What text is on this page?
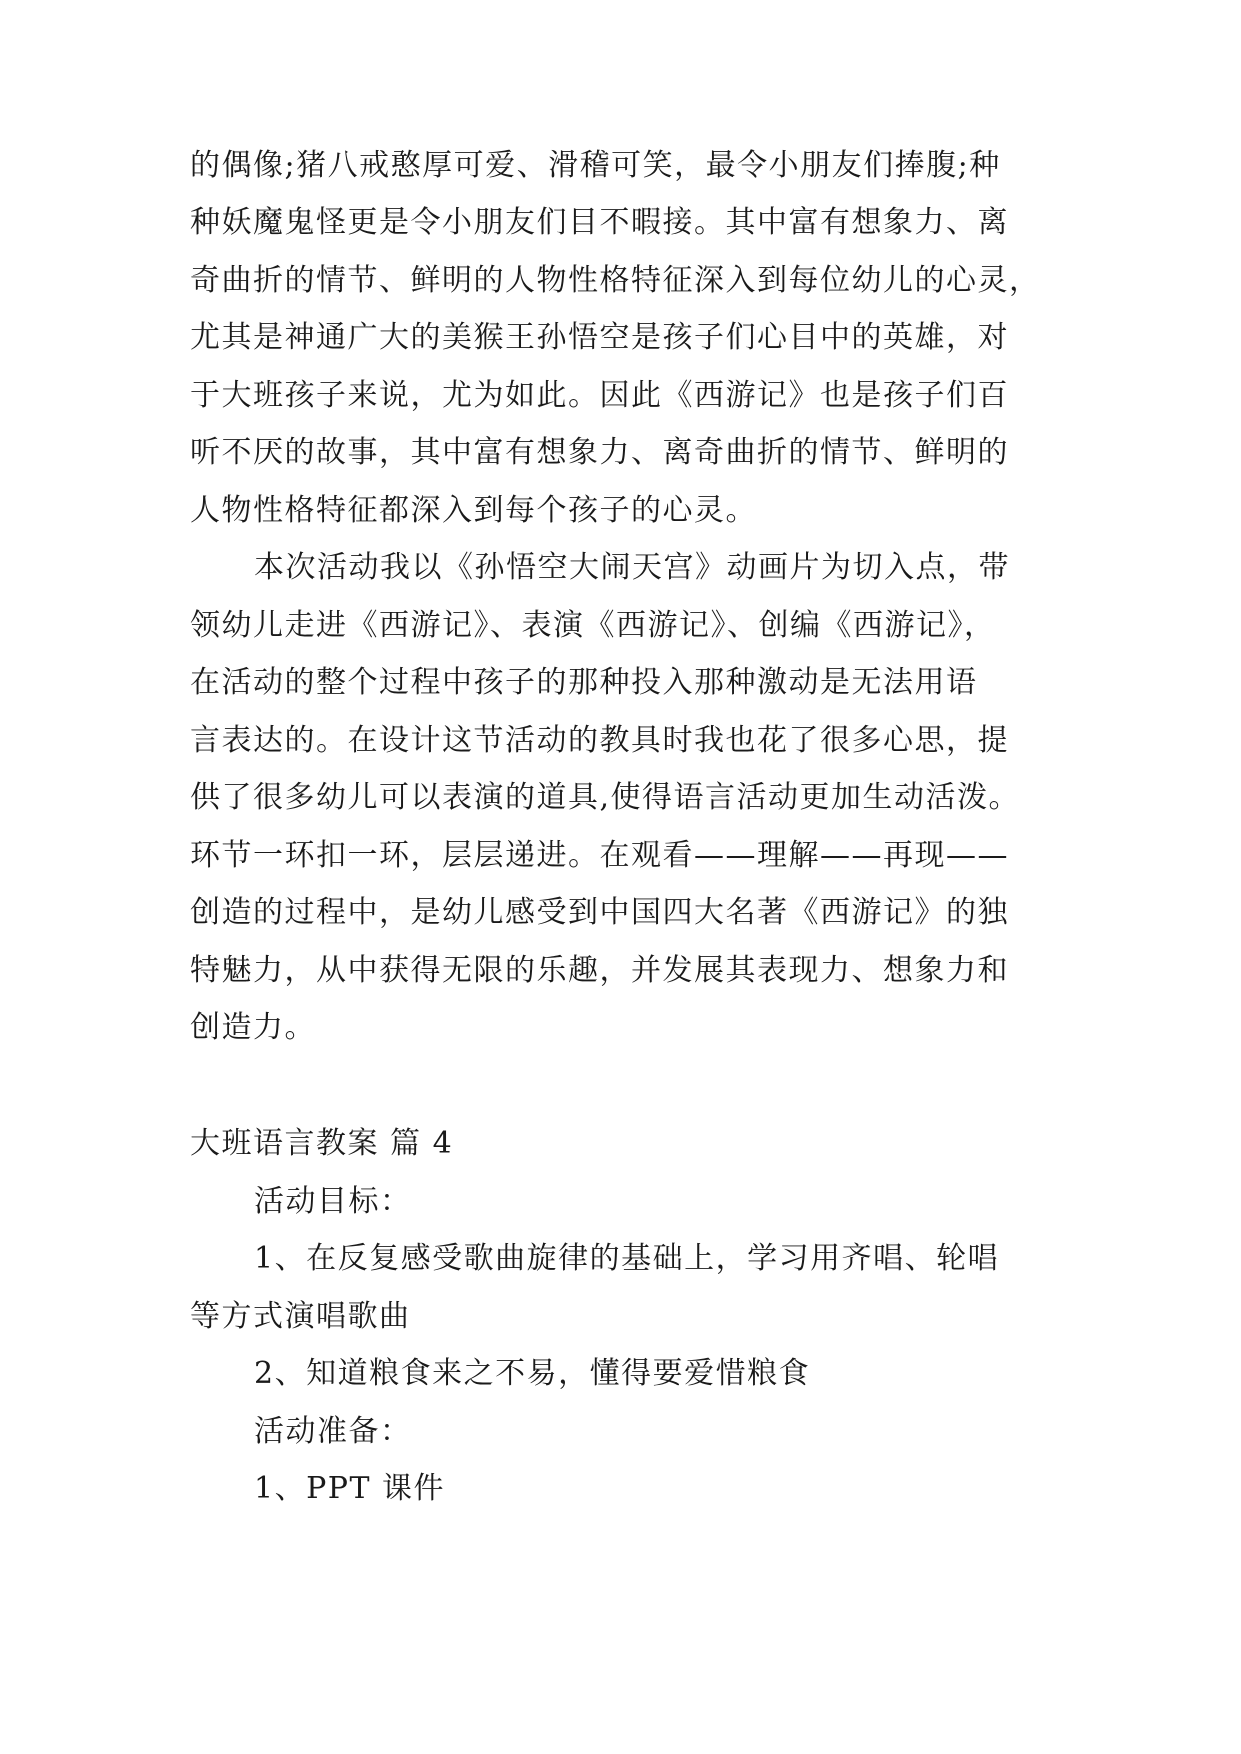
的偶像;猪八戒憨厚可爱、滑稽可笑，最令小朋友们捧腹;种
种妖魔鬼怪更是令小朋友们目不暇接。其中富有想象力、离
奇曲折的情节、鲜明的人物性格特征深入到每位幼儿的心灵，
尤其是神通广大的美猴王孙悟空是孩子们心目中的英雄，对
于大班孩子来说，尤为如此。因此《西游记》也是孩子们百
听不厌的故事，其中富有想象力、离奇曲折的情节、鲜明的
人物性格特征都深入到每个孩子的心灵。
本次活动我以《孙悟空大闹天宫》动画片为切入点，带
领幼儿走进《西游记》、表演《西游记》、创编《西游记》，
在活动的整个过程中孩子的那种投入那种激动是无法用语
言表达的。在设计这节活动的教具时我也花了很多心思，提
供了很多幼儿可以表演的道具,使得语言活动更加生动活泼。
环节一环扣一环，层层递进。在观看——理解——再现——
创造的过程中，是幼儿感受到中国四大名著《西游记》的独
特魅力，从中获得无限的乐趣，并发展其表现力、想象力和
创造力。
大班语言教案 篇 4
活动目标：
1、在反复感受歌曲旋律的基础上，学习用齐唱、轮唱
等方式演唱歌曲
2、知道粮食来之不易，懂得要爱惜粮食
活动准备：
1、PPT 课件
